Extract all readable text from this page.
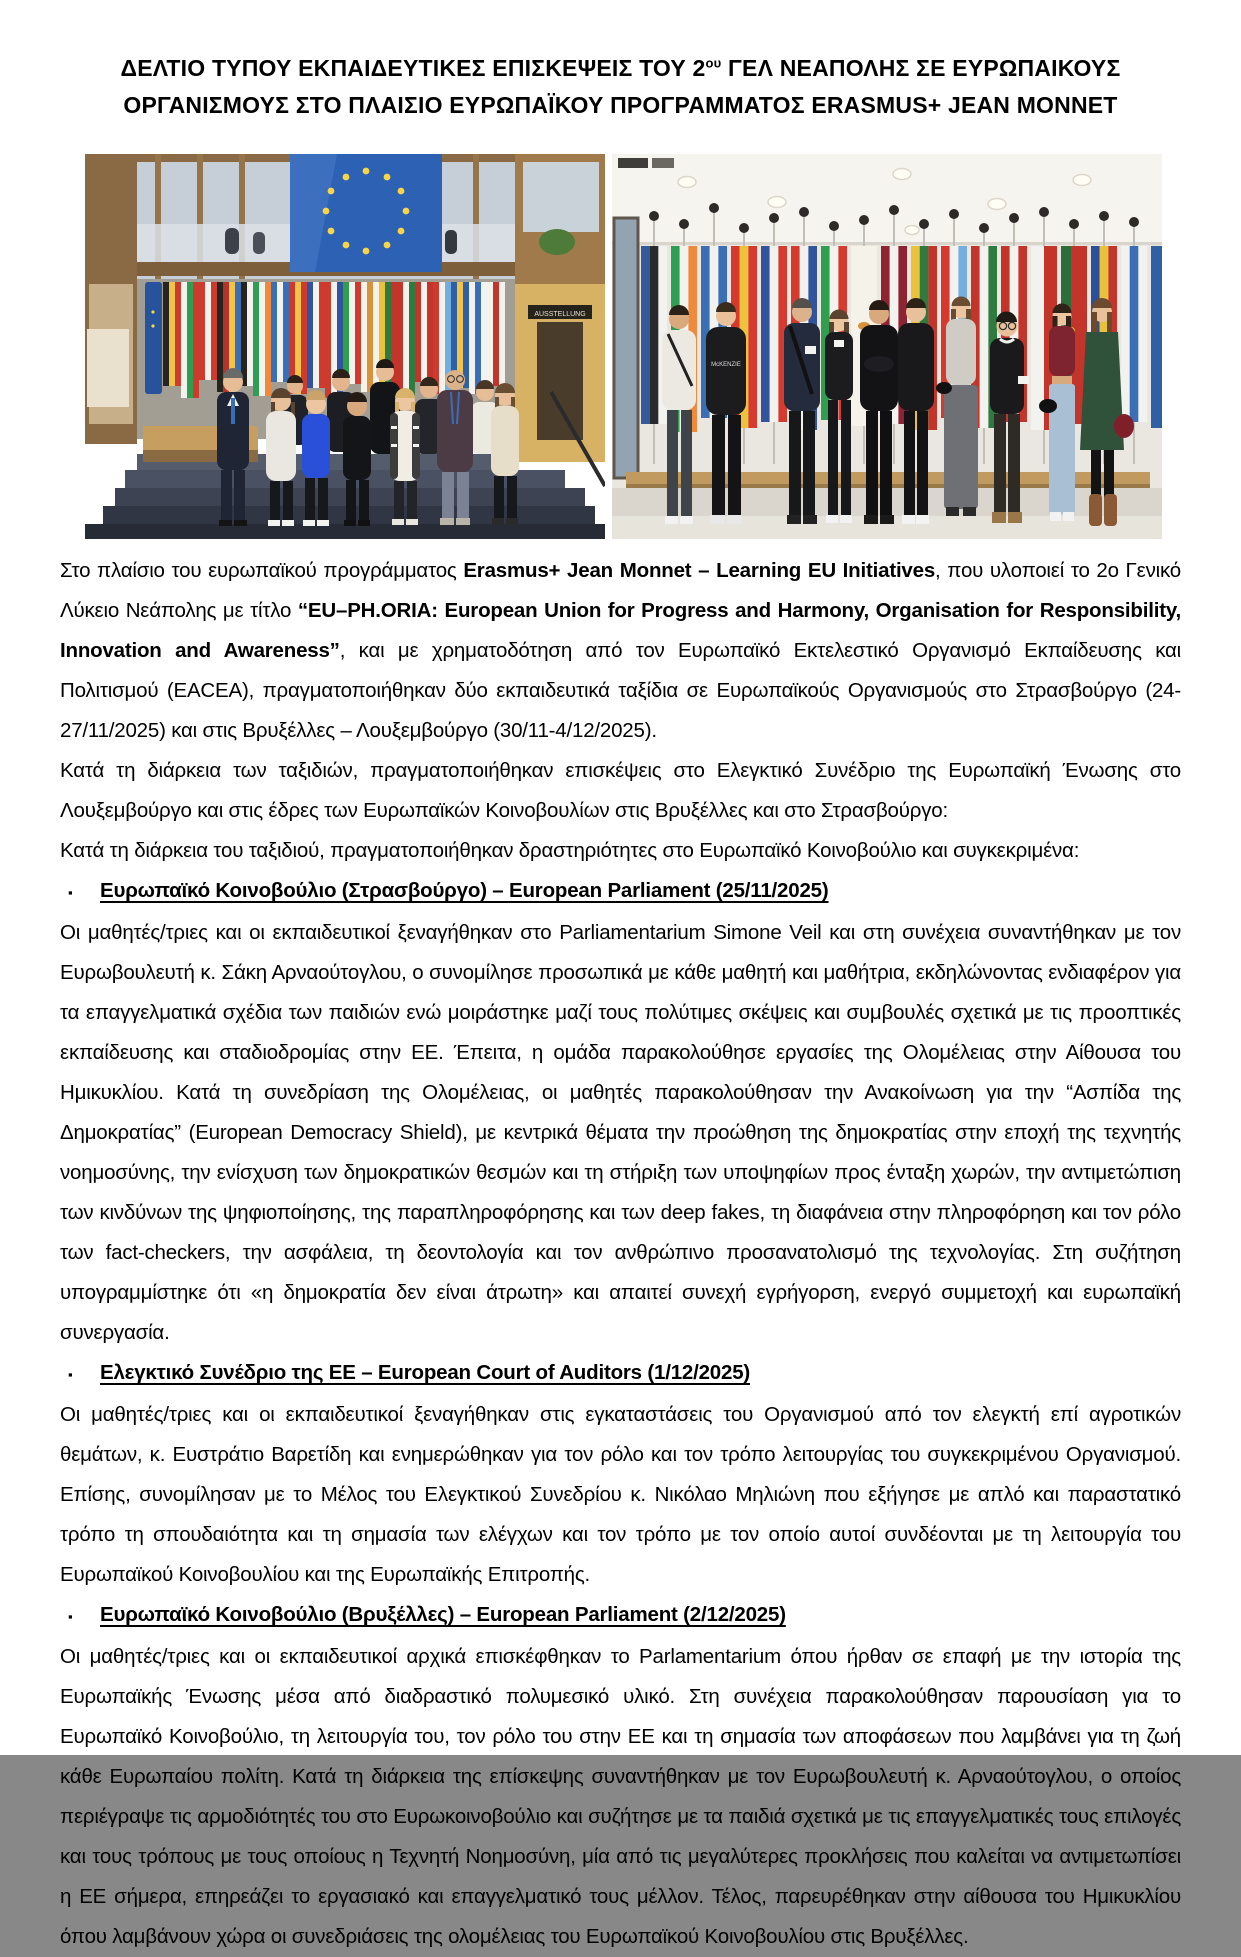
ΔΕΛΤΙΟ ΤΥΠΟΥ ΕΚΠΑΙΔΕΥΤΙΚΕΣ ΕΠΙΣΚΕΨΕΙΣ ΤΟΥ $2^{o\upsilon}$ ΓΕΛ ΝΕΑΠΟΛΗΣ ΣΕ ΕΥΡΩΠΑΙΚΟΥΣ ΟΡΓΑΝΙΣΜΟΥΣ ΣΤΟ ΠΛΑΙΣΙΟ ΕΥΡΩΠΑΪΚΟΥ ΠΡΟΓΡΑΜΜΑΤΟΣ ERASMUS+ JEAN MONNET
AUSSTELLUNG
McKENZIE

Στο πλαίσιο του ευρωπαϊκού προγράμματος Erasmus+ Jean Monnet – Learning EU Initiatives, που υλοποιεί το 2ο Γενικό Λύκειο Νεάπολης με τίτλο “EU–PH.ORIA: European Union for Progress and Harmony, Organisation for Responsibility, Innovation and Awareness”, και με χρηματοδότηση από τον Ευρωπαϊκό Εκτελεστικό Οργανισμό Εκπαίδευσης και Πολιτισμού (EACEA), πραγματοποιήθηκαν δύο εκπαιδευτικά ταξίδια σε Ευρωπαϊκούς Οργανισμούς στο Στρασβούργο (24-27/11/2025) και στις Βρυξέλλες – Λουξεμβούργο (30/11-4/12/2025).

Κατά τη διάρκεια των ταξιδιών, πραγματοποιήθηκαν επισκέψεις στο Ελεγκτικό Συνέδριο της Ευρωπαϊκή Ένωσης στο Λουξεμβούργο και στις έδρες των Ευρωπαϊκών Κοινοβουλίων στις Βρυξέλλες και στο Στρασβούργο:

Κατά τη διάρκεια του ταξιδιού, πραγματοποιήθηκαν δραστηριότητες στο Ευρωπαϊκό Κοινοβούλιο και συγκεκριμένα:

▪	Ευρωπαϊκό Κοινοβούλιο (Στρασβούργο) – European Parliament (25/11/2025)

Οι μαθητές/τριες και οι εκπαιδευτικοί ξεναγήθηκαν στο Parliamentarium Simone Veil και στη συνέχεια συναντήθηκαν με τον Ευρωβουλευτή κ. Σάκη Αρναούτογλου, ο συνομίλησε προσωπικά με κάθε μαθητή και μαθήτρια, εκδηλώνοντας ενδιαφέρον για τα επαγγελματικά σχέδια των παιδιών ενώ μοιράστηκε μαζί τους πολύτιμες σκέψεις και συμβουλές σχετικά με τις προοπτικές εκπαίδευσης και σταδιοδρομίας στην ΕΕ. Έπειτα, η ομάδα παρακολούθησε εργασίες της Ολομέλειας στην Αίθουσα του Ημικυκλίου. Κατά τη συνεδρίαση της Ολομέλειας, οι μαθητές παρακολούθησαν την Ανακοίνωση για την “Ασπίδα της Δημοκρατίας” (European Democracy Shield), με κεντρικά θέματα την προώθηση της δημοκρατίας στην εποχή της τεχνητής νοημοσύνης, την ενίσχυση των δημοκρατικών θεσμών και τη στήριξη των υποψηφίων προς ένταξη χωρών, την αντιμετώπιση των κινδύνων της ψηφιοποίησης, της παραπληροφόρησης και των deep fakes, τη διαφάνεια στην πληροφόρηση και τον ρόλο των fact-checkers, την ασφάλεια, τη δεοντολογία και τον ανθρώπινο προσανατολισμό της τεχνολογίας. Στη συζήτηση υπογραμμίστηκε ότι «η δημοκρατία δεν είναι άτρωτη» και απαιτεί συνεχή εγρήγορση, ενεργό συμμετοχή και ευρωπαϊκή συνεργασία.

▪	Ελεγκτικό Συνέδριο της ΕΕ – European Court of Auditors (1/12/2025)

Οι μαθητές/τριες και οι εκπαιδευτικοί ξεναγήθηκαν στις εγκαταστάσεις του Οργανισμού από τον ελεγκτή επί αγροτικών θεμάτων, κ. Ευστράτιο Βαρετίδη και ενημερώθηκαν για τον ρόλο και τον τρόπο λειτουργίας του συγκεκριμένου Οργανισμού. Επίσης, συνομίλησαν με το Μέλος του Ελεγκτικού Συνεδρίου κ. Νικόλαο Μηλιώνη που εξήγησε με απλό και παραστατικό τρόπο τη σπουδαιότητα και τη σημασία των ελέγχων και τον τρόπο με τον οποίο αυτοί συνδέονται με τη λειτουργία του Ευρωπαϊκού Κοινοβουλίου και της Ευρωπαϊκής Επιτροπής.

▪	Ευρωπαϊκό Κοινοβούλιο (Βρυξέλλες) – European Parliament (2/12/2025)

Οι μαθητές/τριες και οι εκπαιδευτικοί αρχικά επισκέφθηκαν το Parlamentarium όπου ήρθαν σε επαφή με την ιστορία της Ευρωπαϊκής Ένωσης μέσα από διαδραστικό πολυμεσικό υλικό. Στη συνέχεια παρακολούθησαν παρουσίαση για το Ευρωπαϊκό Κοινοβούλιο, τη λειτουργία του, τον ρόλο του στην ΕΕ και τη σημασία των αποφάσεων που λαμβάνει για τη ζωή κάθε Ευρωπαίου πολίτη. Κατά τη διάρκεια της επίσκεψης συναντήθηκαν με τον Ευρωβουλευτή κ. Αρναούτογλου, ο οποίος περιέγραψε τις αρμοδιότητές του στο Ευρωκοινοβούλιο και συζήτησε με τα παιδιά σχετικά με τις επαγγελματικές τους επιλογές και τους τρόπους με τους οποίους η Τεχνητή Νοημοσύνη, μία από τις μεγαλύτερες προκλήσεις που καλείται να αντιμετωπίσει η ΕΕ σήμερα, επηρεάζει το εργασιακό και επαγγελματικό τους μέλλον. Τέλος, παρευρέθηκαν στην αίθουσα του Ημικυκλίου όπου λαμβάνουν χώρα οι συνεδριάσεις της ολομέλειας του Ευρωπαϊκού Κοινοβουλίου στις Βρυξέλλες.
